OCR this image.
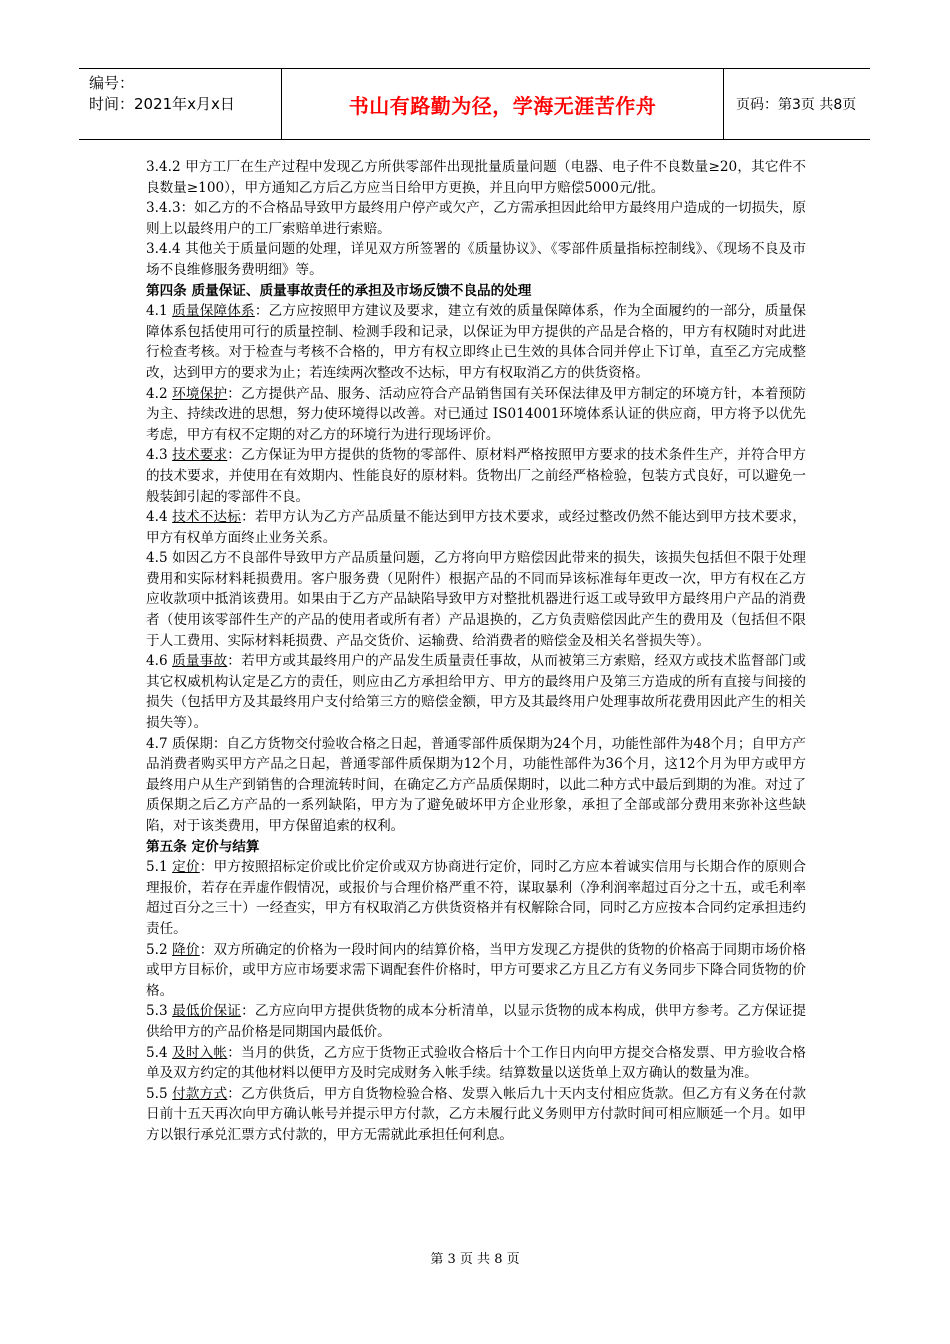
编号：
时间：2021年x月x日	书山有路勤为径，学海无涯苦作舟	页码：第3页 共8页

3.4.2 甲方工厂在生产过程中发现乙方所供零部件出现批量质量问题（电器、电子件不良数量≥20，其它件不良数量≥100），甲方通知乙方后乙方应当日给甲方更换，并且向甲方赔偿5000元/批。

3.4.3：如乙方的不合格品导致甲方最终用户停产或欠产，乙方需承担因此给甲方最终用户造成的一切损失，原则上以最终用户的工厂索赔单进行索赔。

3.4.4 其他关于质量问题的处理，详见双方所签署的《质量协议》、《零部件质量指标控制线》、《现场不良及市场不良维修服务费明细》等。

第四条 质量保证、质量事故责任的承担及市场反馈不良品的处理

4.1 质量保障体系：乙方应按照甲方建议及要求，建立有效的质量保障体系，作为全面履约的一部分，质量保障体系包括使用可行的质量控制、检测手段和记录，以保证为甲方提供的产品是合格的，甲方有权随时对此进行检查考核。对于检查与考核不合格的，甲方有权立即终止已生效的具体合同并停止下订单，直至乙方完成整改，达到甲方的要求为止；若连续两次整改不达标，甲方有权取消乙方的供货资格。

4.2 环境保护：乙方提供产品、服务、活动应符合产品销售国有关环保法律及甲方制定的环境方针，本着预防为主、持续改进的思想，努力使环境得以改善。对已通过 IS014001环境体系认证的供应商，甲方将予以优先考虑，甲方有权不定期的对乙方的环境行为进行现场评价。

4.3 技术要求：乙方保证为甲方提供的货物的零部件、原材料严格按照甲方要求的技术条件生产，并符合甲方的技术要求，并使用在有效期内、性能良好的原材料。货物出厂之前经严格检验，包装方式良好，可以避免一般装卸引起的零部件不良。

4.4 技术不达标：若甲方认为乙方产品质量不能达到甲方技术要求，或经过整改仍然不能达到甲方技术要求，甲方有权单方面终止业务关系。

4.5 如因乙方不良部件导致甲方产品质量问题，乙方将向甲方赔偿因此带来的损失，该损失包括但不限于处理费用和实际材料耗损费用。客户服务费（见附件）根据产品的不同而异该标准每年更改一次，甲方有权在乙方应收款项中抵消该费用。如果由于乙方产品缺陷导致甲方对整批机器进行返工或导致甲方最终用户产品的消费者（使用该零部件生产的产品的使用者或所有者）产品退换的，乙方负责赔偿因此产生的费用及（包括但不限于人工费用、实际材料耗损费、产品交货价、运输费、给消费者的赔偿金及相关名誉损失等）。

4.6 质量事故：若甲方或其最终用户的产品发生质量责任事故，从而被第三方索赔，经双方或技术监督部门或其它权威机构认定是乙方的责任，则应由乙方承担给甲方、甲方的最终用户及第三方造成的所有直接与间接的损失（包括甲方及其最终用户支付给第三方的赔偿金额，甲方及其最终用户处理事故所花费用因此产生的相关损失等）。

4.7 质保期：自乙方货物交付验收合格之日起，普通零部件质保期为24个月，功能性部件为48个月；自甲方产品消费者购买甲方产品之日起，普通零部件质保期为12个月，功能性部件为36个月，这12个月为甲方或甲方最终用户从生产到销售的合理流转时间，在确定乙方产品质保期时，以此二种方式中最后到期的为准。对过了质保期之后乙方产品的一系列缺陷，甲方为了避免破坏甲方企业形象，承担了全部或部分费用来弥补这些缺陷，对于该类费用，甲方保留追索的权利。

第五条 定价与结算

5.1 定价：甲方按照招标定价或比价定价或双方协商进行定价，同时乙方应本着诚实信用与长期合作的原则合理报价，若存在弄虚作假情况，或报价与合理价格严重不符，谋取暴利（净利润率超过百分之十五，或毛利率超过百分之三十）一经查实，甲方有权取消乙方供货资格并有权解除合同，同时乙方应按本合同约定承担违约责任。

5.2 降价：双方所确定的价格为一段时间内的结算价格，当甲方发现乙方提供的货物的价格高于同期市场价格或甲方目标价，或甲方应市场要求需下调配套件价格时，甲方可要求乙方且乙方有义务同步下降合同货物的价格。

5.3 最低价保证：乙方应向甲方提供货物的成本分析清单，以显示货物的成本构成，供甲方参考。乙方保证提供给甲方的产品价格是同期国内最低价。

5.4 及时入帐：当月的供货，乙方应于货物正式验收合格后十个工作日内向甲方提交合格发票、甲方验收合格单及双方约定的其他材料以便甲方及时完成财务入帐手续。结算数量以送货单上双方确认的数量为准。

5.5 付款方式：乙方供货后，甲方自货物检验合格、发票入帐后九十天内支付相应货款。但乙方有义务在付款日前十五天再次向甲方确认帐号并提示甲方付款，乙方未履行此义务则甲方付款时间可相应顺延一个月。如甲方以银行承兑汇票方式付款的，甲方无需就此承担任何利息。

第 3 页 共 8 页
